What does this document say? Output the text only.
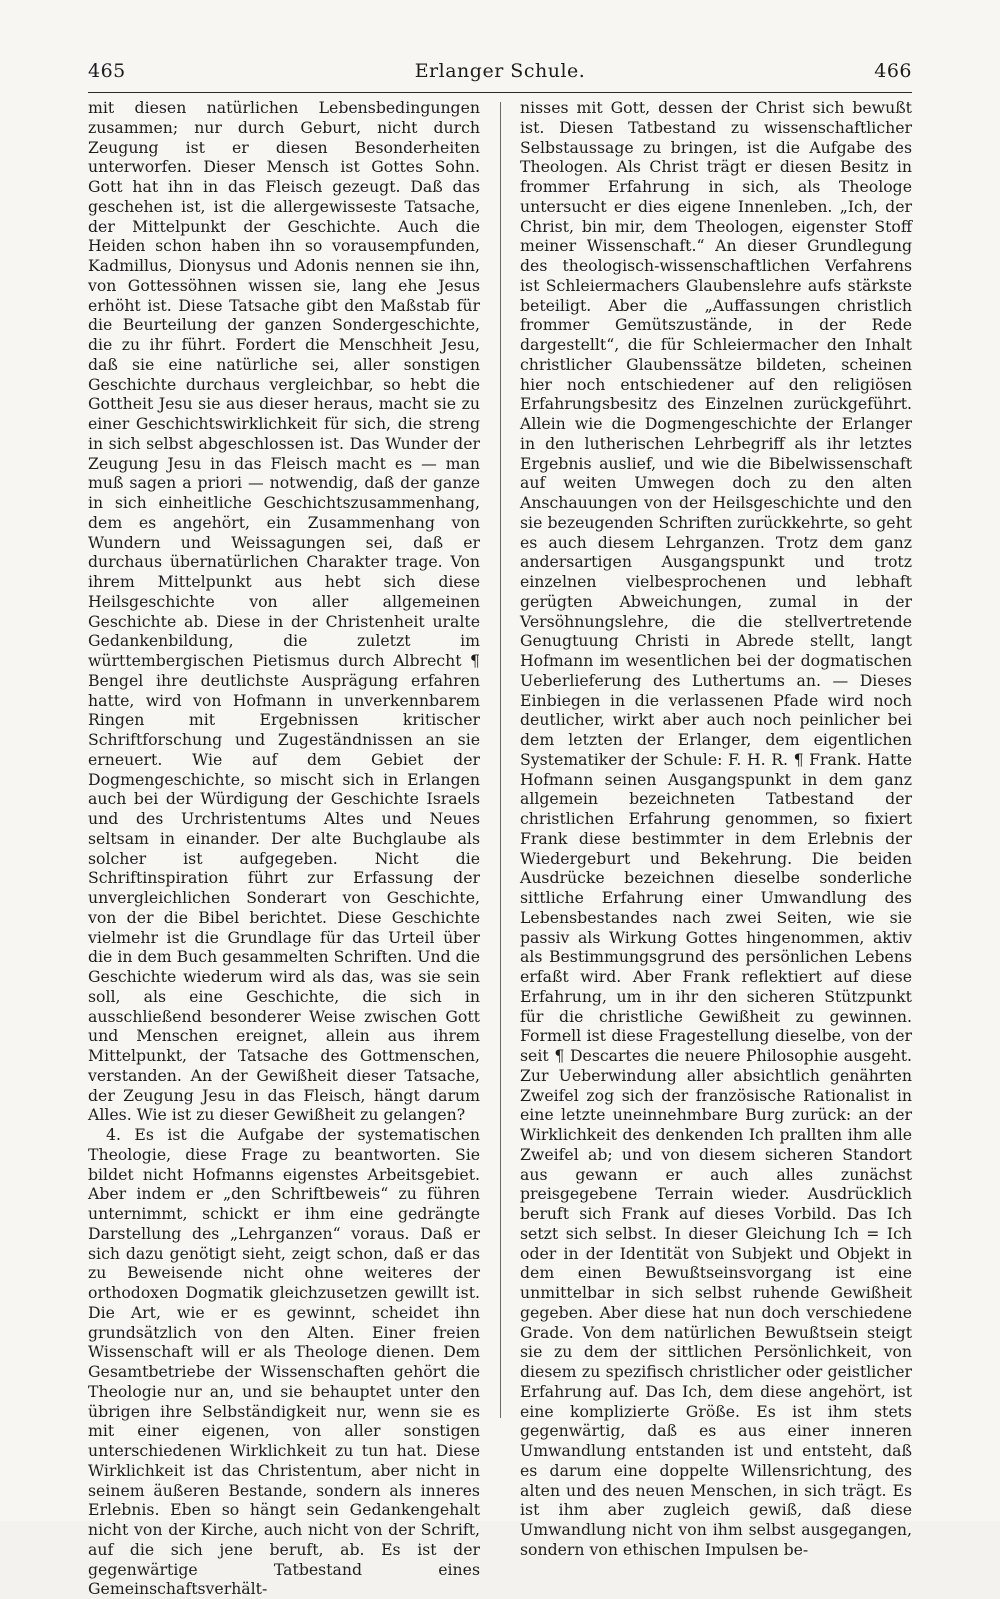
465	Erlanger Schule.	466

mit diesen natürlichen Lebensbedingungen zusammen; nur durch Geburt, nicht durch Zeugung ist er diesen Besonderheiten unterworfen. Dieser Mensch ist Gottes Sohn. Gott hat ihn in das Fleisch gezeugt. Daß das geschehen ist, ist die allergewisseste Tatsache, der Mittelpunkt der Geschichte. Auch die Heiden schon haben ihn so vorausempfunden, Kadmillus, Dionysus und Adonis nennen sie ihn, von Gottessöhnen wissen sie, lang ehe Jesus erhöht ist. Diese Tatsache gibt den Maßstab für die Beurteilung der ganzen Sondergeschichte, die zu ihr führt. Fordert die Menschheit Jesu, daß sie eine natürliche sei, aller sonstigen Geschichte durchaus vergleichbar, so hebt die Gottheit Jesu sie aus dieser heraus, macht sie zu einer Geschichtswirklichkeit für sich, die streng in sich selbst abgeschlossen ist. Das Wunder der Zeugung Jesu in das Fleisch macht es — man muß sagen a priori — notwendig, daß der ganze in sich einheitliche Geschichtszusammenhang, dem es angehört, ein Zusammenhang von Wundern und Weissagungen sei, daß er durchaus übernatürlichen Charakter trage. Von ihrem Mittelpunkt aus hebt sich diese Heilsgeschichte von aller allgemeinen Geschichte ab. Diese in der Christenheit uralte Gedankenbildung, die zuletzt im württembergischen Pietismus durch Albrecht ¶ Bengel ihre deutlichste Ausprägung erfahren hatte, wird von Hofmann in unverkennbarem Ringen mit Ergebnissen kritischer Schriftforschung und Zugeständnissen an sie erneuert. Wie auf dem Gebiet der Dogmengeschichte, so mischt sich in Erlangen auch bei der Würdigung der Geschichte Israels und des Urchristentums Altes und Neues seltsam in einander. Der alte Buchglaube als solcher ist aufgegeben. Nicht die Schriftinspiration führt zur Erfassung der unvergleichlichen Sonderart von Geschichte, von der die Bibel berichtet. Diese Geschichte vielmehr ist die Grundlage für das Urteil über die in dem Buch gesammelten Schriften. Und die Geschichte wiederum wird als das, was sie sein soll, als eine Geschichte, die sich in ausschließend besonderer Weise zwischen Gott und Menschen ereignet, allein aus ihrem Mittelpunkt, der Tatsache des Gottmenschen, verstanden. An der Gewißheit dieser Tatsache, der Zeugung Jesu in das Fleisch, hängt darum Alles. Wie ist zu dieser Gewißheit zu gelangen?

4. Es ist die Aufgabe der systematischen Theologie, diese Frage zu beantworten. Sie bildet nicht Hofmanns eigenstes Arbeitsgebiet. Aber indem er „den Schriftbeweis“ zu führen unternimmt, schickt er ihm eine gedrängte Darstellung des „Lehrganzen“ voraus. Daß er sich dazu genötigt sieht, zeigt schon, daß er das zu Beweisende nicht ohne weiteres der orthodoxen Dogmatik gleichzusetzen gewillt ist. Die Art, wie er es gewinnt, scheidet ihn grundsätzlich von den Alten. Einer freien Wissenschaft will er als Theologe dienen. Dem Gesamtbetriebe der Wissenschaften gehört die Theologie nur an, und sie behauptet unter den übrigen ihre Selbständigkeit nur, wenn sie es mit einer eigenen, von aller sonstigen unterschiedenen Wirklichkeit zu tun hat. Diese Wirklichkeit ist das Christentum, aber nicht in seinem äußeren Bestande, sondern als inneres Erlebnis. Eben so hängt sein Gedankengehalt nicht von der Kirche, auch nicht von der Schrift, auf die sich jene beruft, ab. Es ist der gegenwärtige Tatbestand eines Gemeinschaftsverhält-

nisses mit Gott, dessen der Christ sich bewußt ist. Diesen Tatbestand zu wissenschaftlicher Selbstaussage zu bringen, ist die Aufgabe des Theologen. Als Christ trägt er diesen Besitz in frommer Erfahrung in sich, als Theologe untersucht er dies eigene Innenleben. „Ich, der Christ, bin mir, dem Theologen, eigenster Stoff meiner Wissenschaft.“ An dieser Grundlegung des theologisch-wissenschaftlichen Verfahrens ist Schleiermachers Glaubenslehre aufs stärkste beteiligt. Aber die „Auffassungen christlich frommer Gemütszustände, in der Rede dargestellt“, die für Schleiermacher den Inhalt christlicher Glaubenssätze bildeten, scheinen hier noch entschiedener auf den religiösen Erfahrungsbesitz des Einzelnen zurückgeführt. Allein wie die Dogmengeschichte der Erlanger in den lutherischen Lehrbegriff als ihr letztes Ergebnis auslief, und wie die Bibelwissenschaft auf weiten Umwegen doch zu den alten Anschauungen von der Heilsgeschichte und den sie bezeugenden Schriften zurückkehrte, so geht es auch diesem Lehrganzen. Trotz dem ganz andersartigen Ausgangspunkt und trotz einzelnen vielbesprochenen und lebhaft gerügten Abweichungen, zumal in der Versöhnungslehre, die die stellvertretende Genugtuung Christi in Abrede stellt, langt Hofmann im wesentlichen bei der dogmatischen Ueberlieferung des Luthertums an. — Dieses Einbiegen in die verlassenen Pfade wird noch deutlicher, wirkt aber auch noch peinlicher bei dem letzten der Erlanger, dem eigentlichen Systematiker der Schule: F. H. R. ¶ Frank. Hatte Hofmann seinen Ausgangspunkt in dem ganz allgemein bezeichneten Tatbestand der christlichen Erfahrung genommen, so fixiert Frank diese bestimmter in dem Erlebnis der Wiedergeburt und Bekehrung. Die beiden Ausdrücke bezeichnen dieselbe sonderliche sittliche Erfahrung einer Umwandlung des Lebensbestandes nach zwei Seiten, wie sie passiv als Wirkung Gottes hingenommen, aktiv als Bestimmungsgrund des persönlichen Lebens erfaßt wird. Aber Frank reflektiert auf diese Erfahrung, um in ihr den sicheren Stützpunkt für die christliche Gewißheit zu gewinnen. Formell ist diese Fragestellung dieselbe, von der seit ¶ Descartes die neuere Philosophie ausgeht. Zur Ueberwindung aller absichtlich genährten Zweifel zog sich der französische Rationalist in eine letzte uneinnehmbare Burg zurück: an der Wirklichkeit des denkenden Ich prallten ihm alle Zweifel ab; und von diesem sicheren Standort aus gewann er auch alles zunächst preisgegebene Terrain wieder. Ausdrücklich beruft sich Frank auf dieses Vorbild. Das Ich setzt sich selbst. In dieser Gleichung Ich = Ich oder in der Identität von Subjekt und Objekt in dem einen Bewußtseinsvorgang ist eine unmittelbar in sich selbst ruhende Gewißheit gegeben. Aber diese hat nun doch verschiedene Grade. Von dem natürlichen Bewußtsein steigt sie zu dem der sittlichen Persönlichkeit, von diesem zu spezifisch christlicher oder geistlicher Erfahrung auf. Das Ich, dem diese angehört, ist eine komplizierte Größe. Es ist ihm stets gegenwärtig, daß es aus einer inneren Umwandlung entstanden ist und entsteht, daß es darum eine doppelte Willensrichtung, des alten und des neuen Menschen, in sich trägt. Es ist ihm aber zugleich gewiß, daß diese Umwandlung nicht von ihm selbst ausgegangen, sondern von ethischen Impulsen be-
